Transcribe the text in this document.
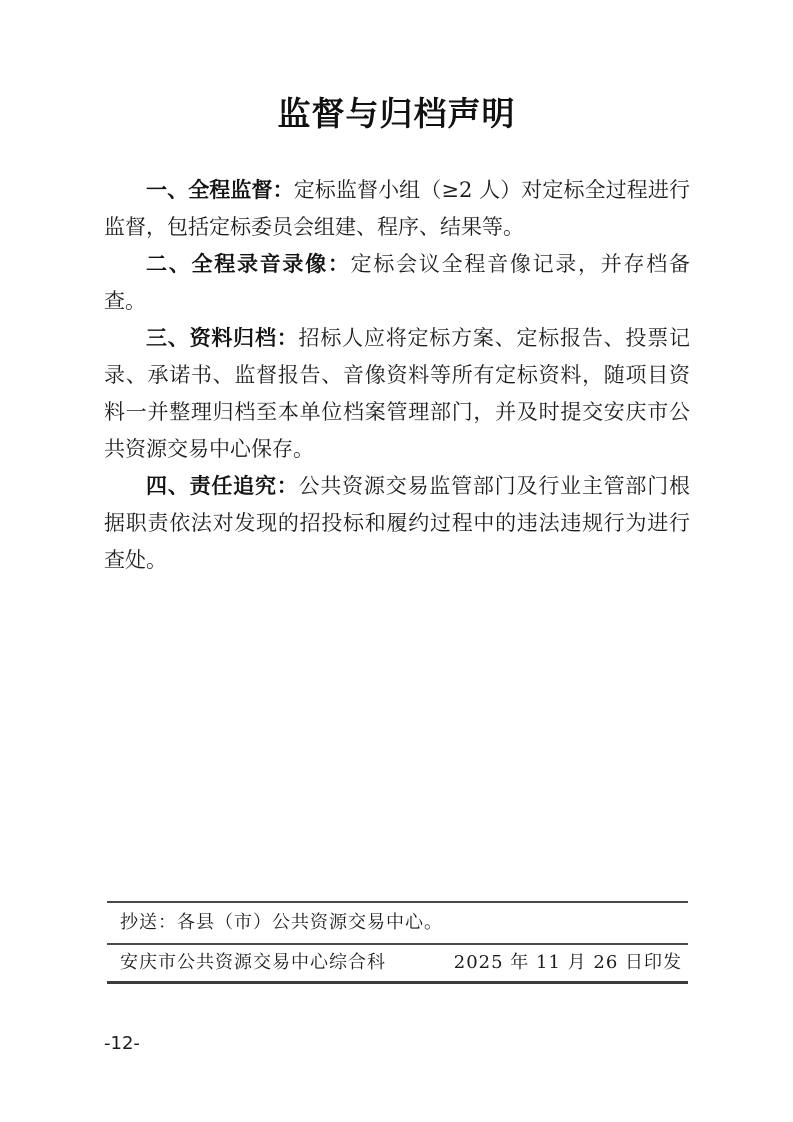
监督与归档声明

一、全程监督：定标监督小组（≥2 人）对定标全过程进行监督，包括定标委员会组建、程序、结果等。

二、全程录音录像：定标会议全程音像记录，并存档备查。

三、资料归档：招标人应将定标方案、定标报告、投票记录、承诺书、监督报告、音像资料等所有定标资料，随项目资料一并整理归档至本单位档案管理部门，并及时提交安庆市公共资源交易中心保存。

四、责任追究：公共资源交易监管部门及行业主管部门根据职责依法对发现的招投标和履约过程中的违法违规行为进行查处。

抄送：各县（市）公共资源交易中心。
安庆市公共资源交易中心综合科	2025 年 11 月 26 日印发
-12-
